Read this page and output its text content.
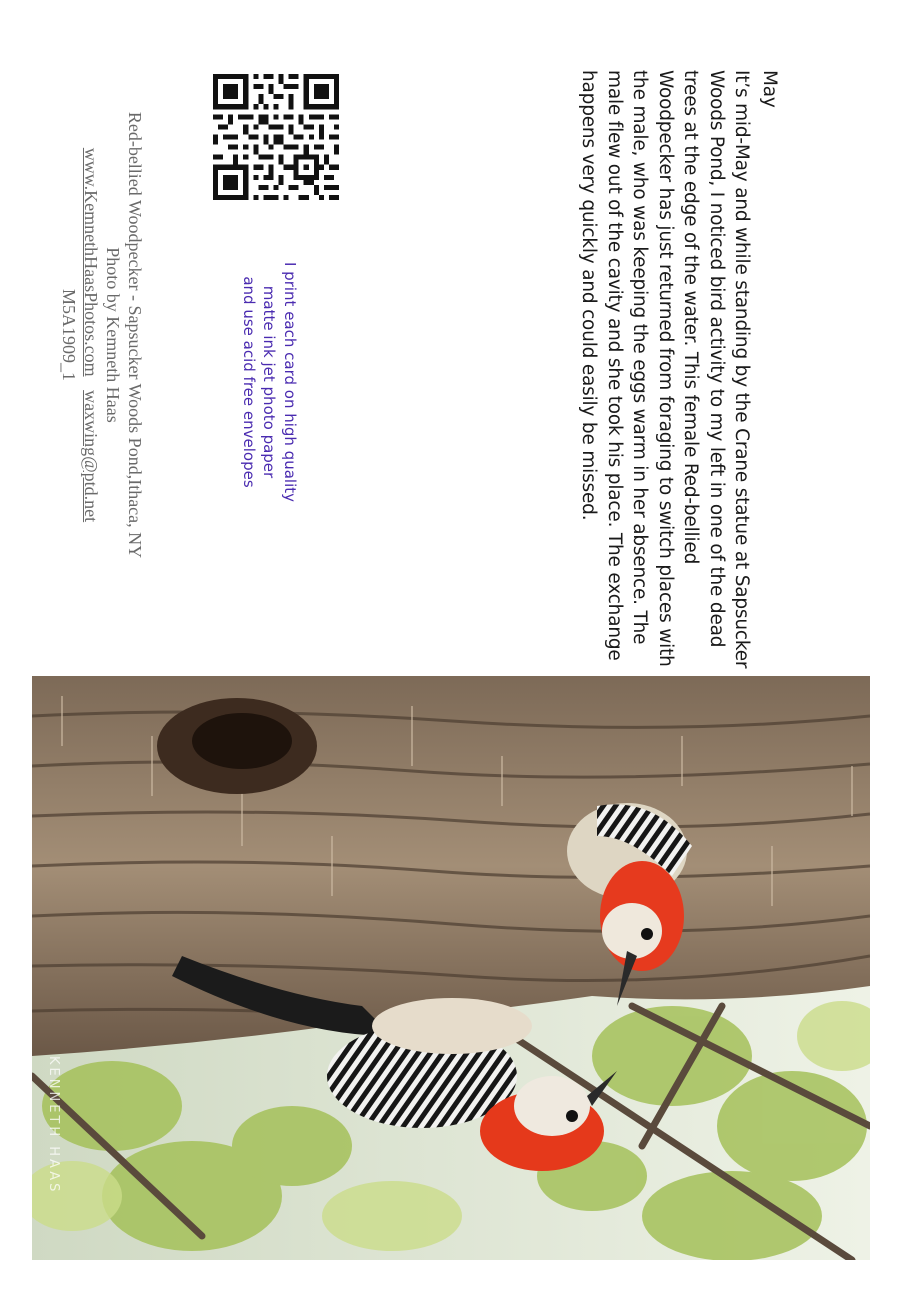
May
It’s mid-May and while standing by the Crane statue at Sapsucker Woods Pond, I noticed bird activity to my left in one of the dead trees at the edge of the water. This female Red-bellied Woodpecker has just returned from foraging to switch places with the male, who was keeping the eggs warm in her absence. The male flew out of the cavity and she took his place. The exchange happens very quickly and could easily be missed.
I print each card on high quality
matte ink jet photo paper
and use acid free envelopes
Red-bellied Woodpecker - Sapsucker Woods Pond,Ithaca, NY
Photo by Kemneth Haas
www.KemnethHaasPhotos.com   waxwing@ptd.net
M5A1909_1
KENNETH HAAS
